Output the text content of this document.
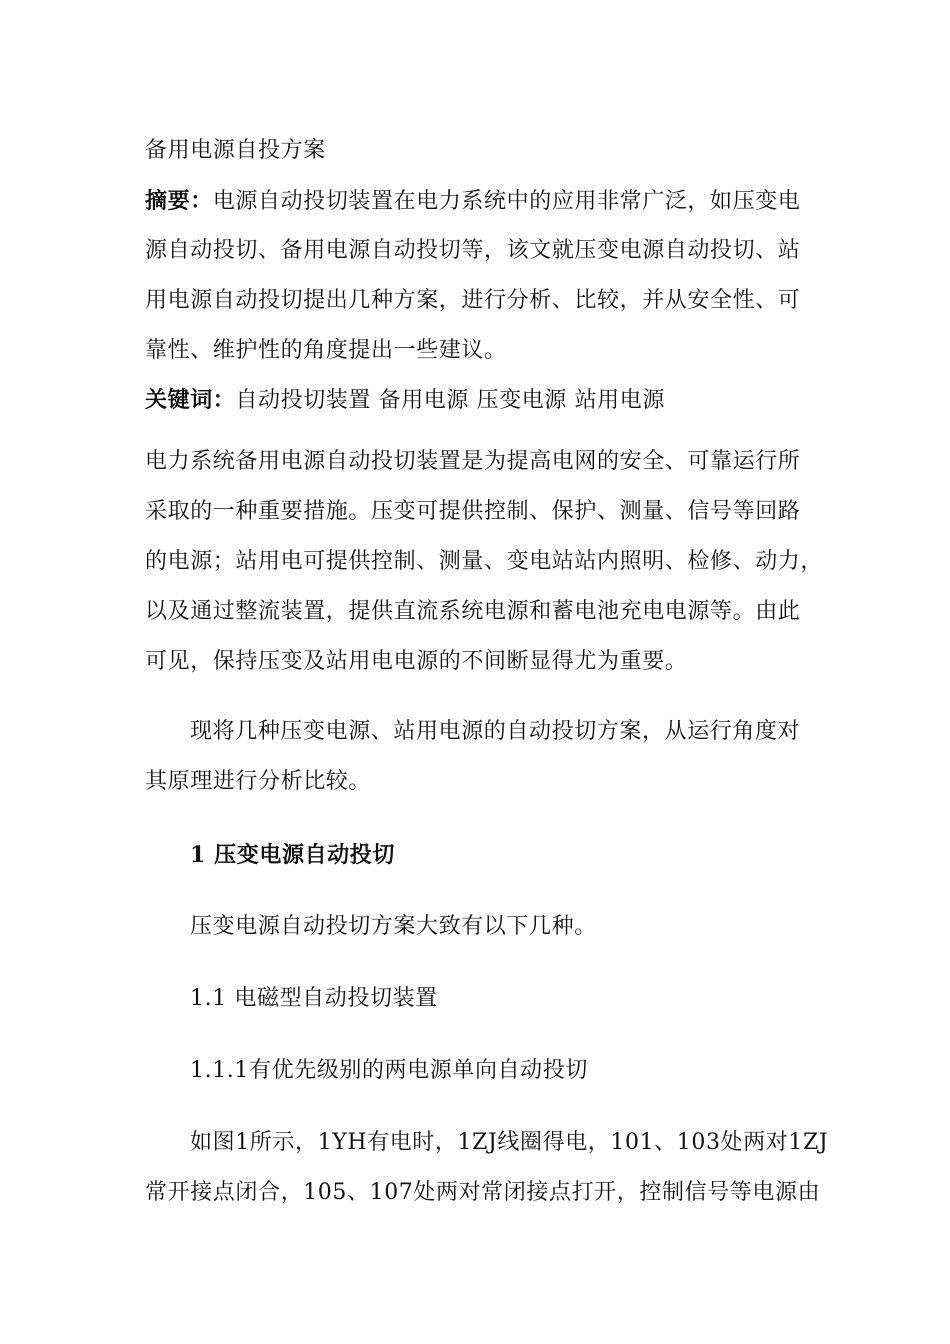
备用电源自投方案
摘要：电源自动投切装置在电力系统中的应用非常广泛，如压变电
源自动投切、备用电源自动投切等，该文就压变电源自动投切、站
用电源自动投切提出几种方案，进行分析、比较，并从安全性、可
靠性、维护性的角度提出一些建议。
关键词：自动投切装置 备用电源 压变电源 站用电源
电力系统备用电源自动投切装置是为提高电网的安全、可靠运行所
采取的一种重要措施。压变可提供控制、保护、测量、信号等回路
的电源；站用电可提供控制、测量、变电站站内照明、检修、动力，
以及通过整流装置，提供直流系统电源和蓄电池充电电源等。由此
可见，保持压变及站用电电源的不间断显得尤为重要。
现将几种压变电源、站用电源的自动投切方案，从运行角度对
其原理进行分析比较。
1 压变电源自动投切
压变电源自动投切方案大致有以下几种。
1.1 电磁型自动投切装置
1.1.1有优先级别的两电源单向自动投切
如图1所示，1YH有电时，1ZJ线圈得电，101、103处两对1ZJ
常开接点闭合，105、107处两对常闭接点打开，控制信号等电源由
